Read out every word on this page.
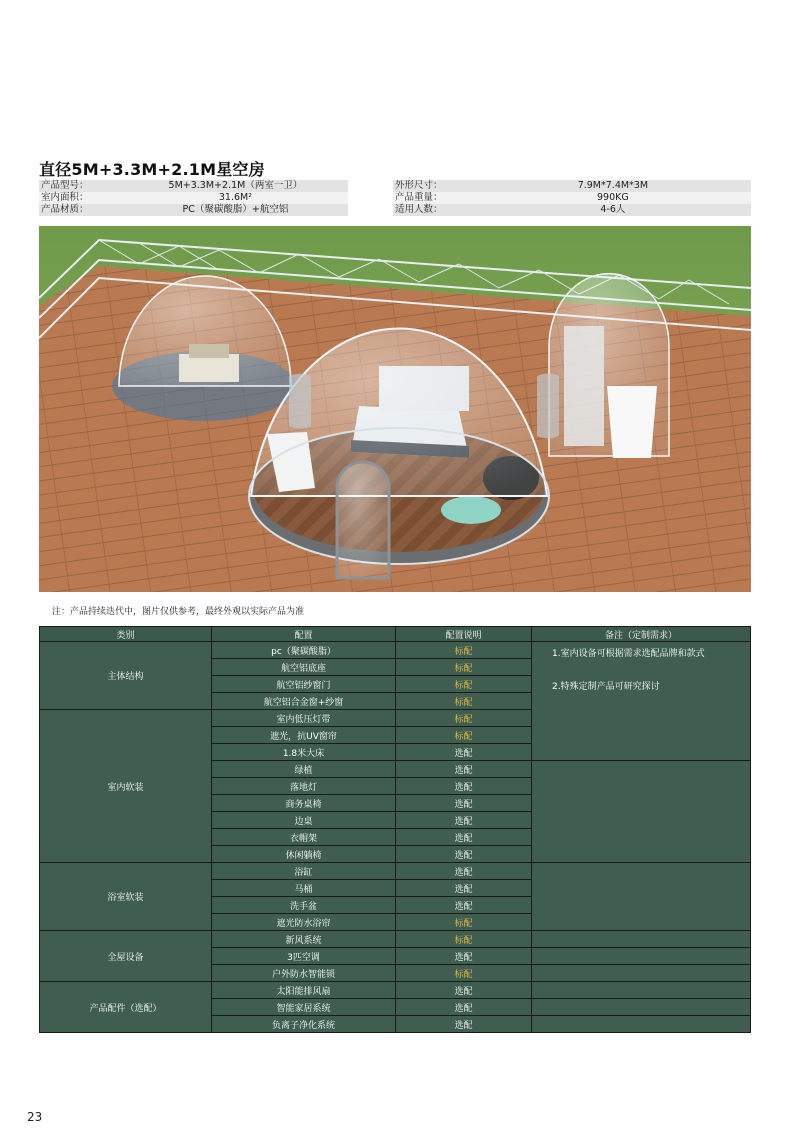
直径5M+3.3M+2.1M星空房
产品型号：	5M+3.3M+2.1M（两室一卫）	外形尺寸：	7.9M*7.4M*3M
室内面积：	31.6M²	产品重量：	990KG
产品材质：	PC（聚碳酸脂）+航空铝	适用人数：	4-6人
注：产品持续迭代中，图片仅供参考，最终外观以实际产品为准
类别	配置	配置说明	备注（定制需求）
主体结构	pc（聚碳酸脂）	标配	1.室内设备可根据需求选配品牌和款式
2.特殊定制产品可研究探讨

	航空铝底座	标配	
	航空铝纱窗门	标配	
	航空铝合金窗+纱窗	标配	
室内软装	室内低压灯带	标配	
	遮光，抗UV窗帘	标配	
	1.8米大床	选配	
	绿植	选配	
	落地灯	选配	
	商务桌椅	选配	
	边桌	选配	
	衣帽架	选配	
	休闲躺椅	选配	
浴室软装	浴缸	选配	
	马桶	选配	
	洗手盆	选配	
	遮光防水浴帘	标配	
全屋设备	新风系统	标配	
	3匹空调	选配	
	户外防水智能锁	标配	
产品配件（选配）	太阳能排风扇	选配	
	智能家居系统	选配	
	负离子净化系统	选配	
23
